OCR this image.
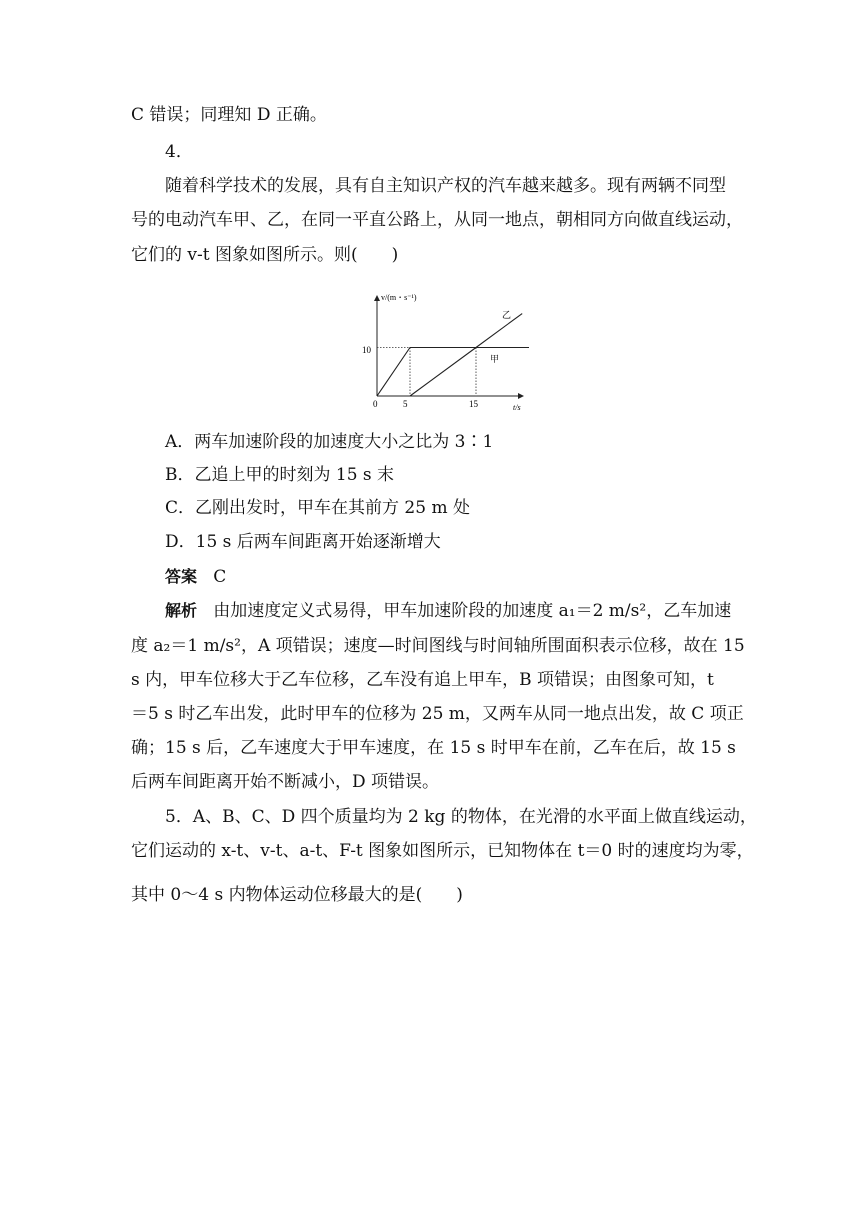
C 错误；同理知 D 正确。
4．
随着科学技术的发展，具有自主知识产权的汽车越来越多。现有两辆不同型
号的电动汽车甲、乙，在同一平直公路上，从同一地点，朝相同方向做直线运动，
它们的 v-t 图象如图所示。则(　　)
v/(m・s⁻¹)
t/s
0
10
5	15
甲
乙
A．两车加速阶段的加速度大小之比为 3∶1
B．乙追上甲的时刻为 15 s 末
C．乙刚出发时，甲车在其前方 25 m 处
D．15 s 后两车间距离开始逐渐增大
答案 C
解析 由加速度定义式易得，甲车加速阶段的加速度 a₁＝2 m/s²，乙车加速
度 a₂＝1 m/s²，A 项错误；速度—时间图线与时间轴所围面积表示位移，故在 15
s 内，甲车位移大于乙车位移，乙车没有追上甲车，B 项错误；由图象可知，t
＝5 s 时乙车出发，此时甲车的位移为 25 m，又两车从同一地点出发，故 C 项正
确；15 s 后，乙车速度大于甲车速度，在 15 s 时甲车在前，乙车在后，故 15 s
后两车间距离开始不断减小，D 项错误。
5．A、B、C、D 四个质量均为 2 kg 的物体，在光滑的水平面上做直线运动，
它们运动的 x-t、v-t、a-t、F-t 图象如图所示，已知物体在 t＝0 时的速度均为零，
其中 0～4 s 内物体运动位移最大的是(　　)
